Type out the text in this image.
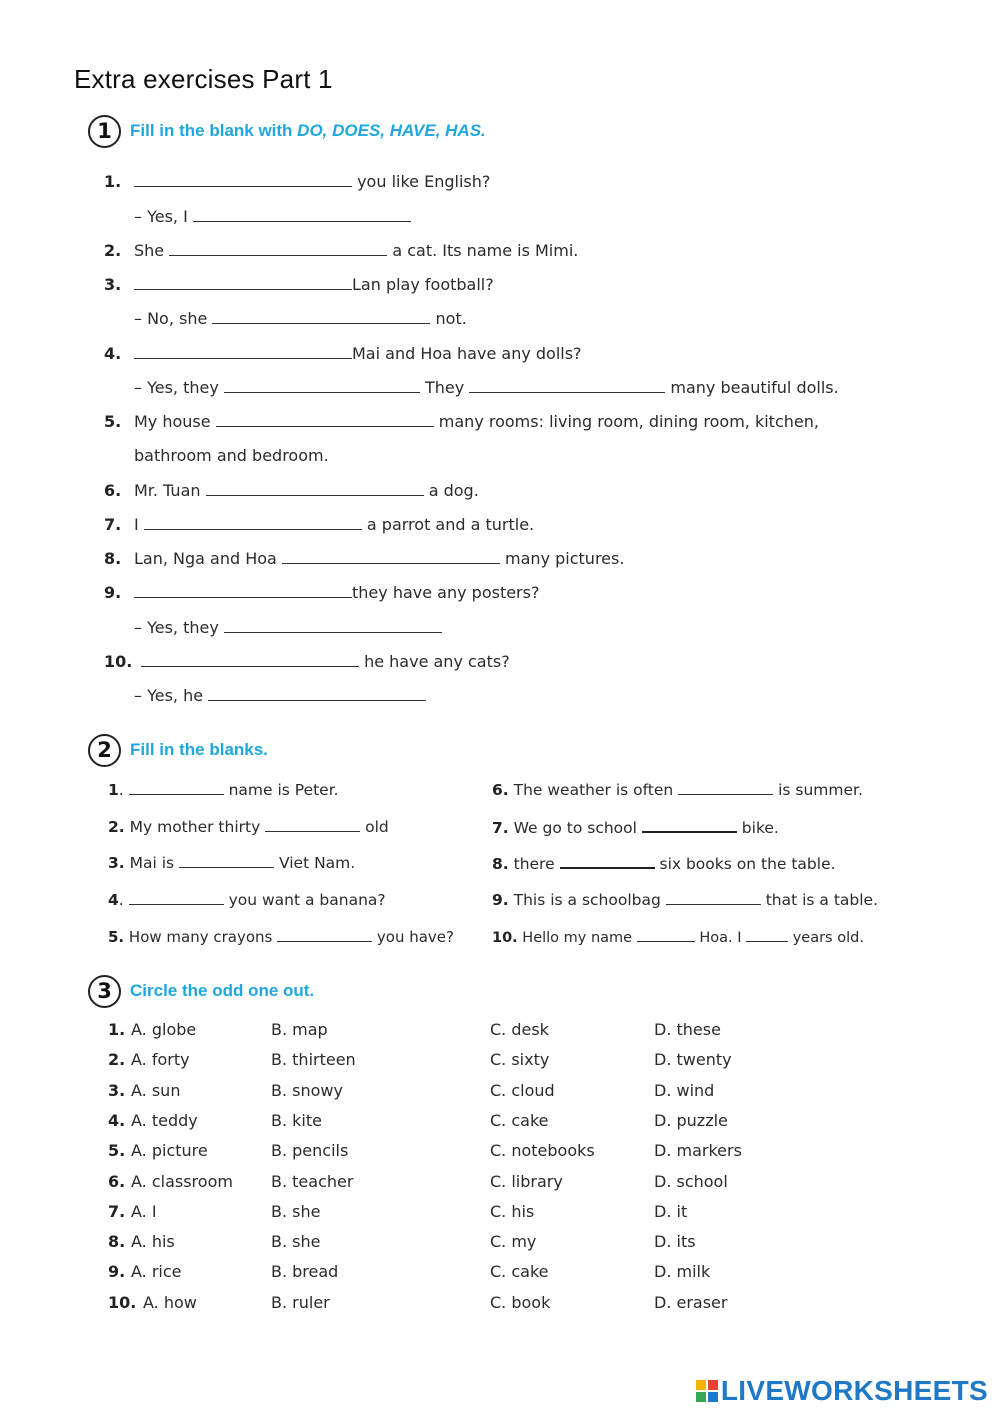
Extra exercises Part 1
1	Fill in the blank with DO, DOES, HAVE, HAS.
1.	you like English?
– Yes, I
2. She	a cat. Its name is Mimi.
3.	Lan play football?
– No, she	not.
4.	Mai and Hoa have any dolls?
– Yes, they	They	many beautiful dolls.
5. My house	many rooms: living room, dining room, kitchen,
bathroom and bedroom.
6. Mr. Tuan	a dog.
7. I	a parrot and a turtle.
8. Lan, Nga and Hoa	many pictures.
9.	they have any posters?
– Yes, they
10.	he have any cats?
– Yes, he
2	Fill in the blanks.
1.	name is Peter.
2. My mother thirty	old
3. Mai is	Viet Nam.
4.	you want a banana?
5. How many crayons	you have?
6. The weather is often	is summer.
7. We go to school	bike.
8. there	six books on the table.
9. This is a schoolbag	that is a table.
10. Hello my name	Hoa. I	years old.
3	Circle the odd one out.
1. A. globe	B. map	C. desk	D. these
2. A. forty	B. thirteen	C. sixty	D. twenty
3. A. sun	B. snowy	C. cloud	D. wind
4. A. teddy	B. kite	C. cake	D. puzzle
5. A. picture	B. pencils	C. notebooks	D. markers
6. A. classroom B. teacher	C. library	D. school
7. A. I	B. she	C. his	D. it
8. A. his	B. she	C. my	D. its
9. A. rice	B. bread	C. cake	D. milk
10. A. how	B. ruler	C. book	D. eraser
LIVEWORKSHEETS
